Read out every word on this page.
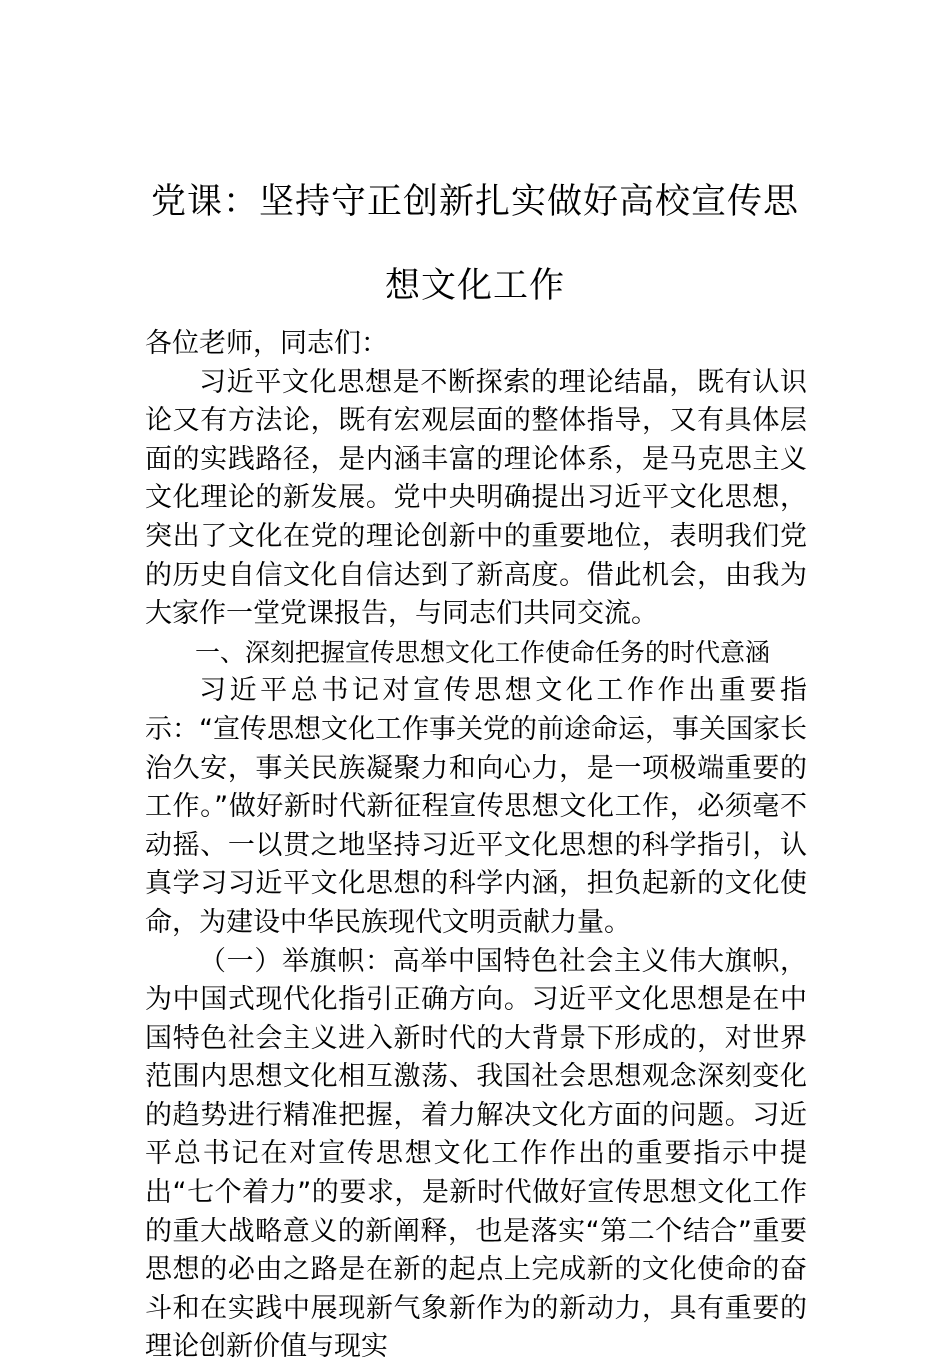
党课：坚持守正创新扎实做好高校宣传思想文化工作

各位老师，同志们：

习近平文化思想是不断探索的理论结晶，既有认识论又有方法论，既有宏观层面的整体指导，又有具体层面的实践路径，是内涵丰富的理论体系，是马克思主义文化理论的新发展。党中央明确提出习近平文化思想，突出了文化在党的理论创新中的重要地位，表明我们党的历史自信文化自信达到了新高度。借此机会，由我为大家作一堂党课报告，与同志们共同交流。

一、深刻把握宣传思想文化工作使命任务的时代意涵

习近平总书记对宣传思想文化工作作出重要指示：“宣传思想文化工作事关党的前途命运，事关国家长治久安，事关民族凝聚力和向心力，是一项极端重要的工作。”做好新时代新征程宣传思想文化工作，必须毫不动摇、一以贯之地坚持习近平文化思想的科学指引，认真学习习近平文化思想的科学内涵，担负起新的文化使命，为建设中华民族现代文明贡献力量。

（一）举旗帜：高举中国特色社会主义伟大旗帜，为中国式现代化指引正确方向。习近平文化思想是在中国特色社会主义进入新时代的大背景下形成的，对世界范围内思想文化相互激荡、我国社会思想观念深刻变化的趋势进行精准把握，着力解决文化方面的问题。习近平总书记在对宣传思想文化工作作出的重要指示中提出“七个着力”的要求，是新时代做好宣传思想文化工作的重大战略意义的新阐释，也是落实“第二个结合”重要思想的必由之路是在新的起点上完成新的文化使命的奋斗和在实践中展现新气象新作为的新动力，具有重要的理论创新价值与现实
